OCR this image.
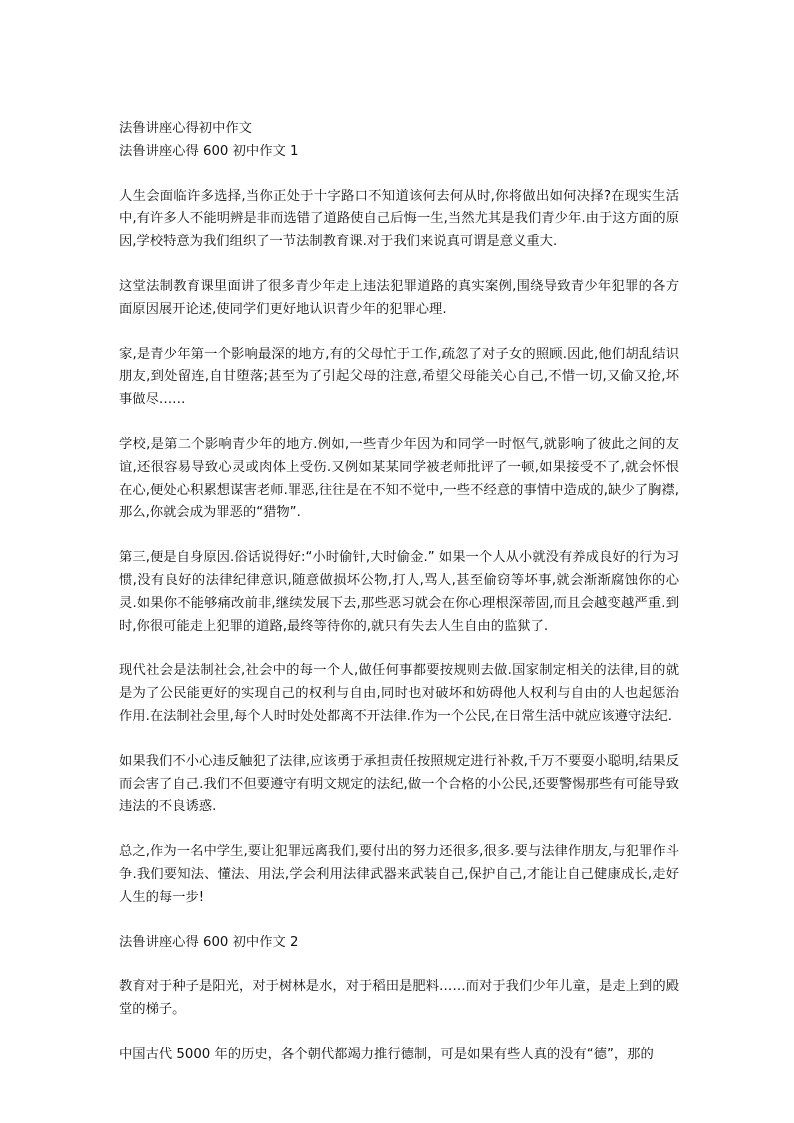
法鲁讲座心得初中作文

法鲁讲座心得 600 初中作文 1

人生会面临许多选择,当你正处于十字路口不知道该何去何从时,你将做出如何决择?在现实生活中,有许多人不能明辨是非而选错了道路使自己后悔一生,当然尤其是我们青少年.由于这方面的原因,学校特意为我们组织了一节法制教育课.对于我们来说真可谓是意义重大.

这堂法制教育课里面讲了很多青少年走上违法犯罪道路的真实案例,围绕导致青少年犯罪的各方面原因展开论述,使同学们更好地认识青少年的犯罪心理.

家,是青少年第一个影响最深的地方,有的父母忙于工作,疏忽了对子女的照顾.因此,他们胡乱结识朋友,到处留连,自甘堕落;甚至为了引起父母的注意,希望父母能关心自己,不惜一切,又偷又抢,坏事做尽……

学校,是第二个影响青少年的地方.例如,一些青少年因为和同学一时怄气,就影响了彼此之间的友谊,还很容易导致心灵或肉体上受伤.又例如某某同学被老师批评了一顿,如果接受不了,就会怀恨在心,便处心积累想谋害老师.罪恶,往往是在不知不觉中,一些不经意的事情中造成的,缺少了胸襟,那么,你就会成为罪恶的“猎物”.

第三,便是自身原因.俗话说得好:“小时偷针,大时偷金.” 如果一个人从小就没有养成良好的行为习惯,没有良好的法律纪律意识,随意做损坏公物,打人,骂人,甚至偷窃等坏事,就会渐渐腐蚀你的心灵.如果你不能够痛改前非,继续发展下去,那些恶习就会在你心理根深蒂固,而且会越变越严重.到时,你很可能走上犯罪的道路,最终等待你的,就只有失去人生自由的监狱了.

现代社会是法制社会,社会中的每一个人,做任何事都要按规则去做.国家制定相关的法律,目的就是为了公民能更好的实现自己的权利与自由,同时也对破坏和妨碍他人权利与自由的人也起惩治作用.在法制社会里,每个人时时处处都离不开法律.作为一个公民,在日常生活中就应该遵守法纪.

如果我们不小心违反触犯了法律,应该勇于承担责任按照规定进行补救,千万不要耍小聪明,结果反而会害了自己.我们不但要遵守有明文规定的法纪,做一个合格的小公民,还要警惕那些有可能导致违法的不良诱惑.

总之,作为一名中学生,要让犯罪远离我们,要付出的努力还很多,很多.要与法律作朋友,与犯罪作斗争.我们要知法、懂法、用法,学会利用法律武器来武装自己,保护自己,才能让自己健康成长,走好人生的每一步!

法鲁讲座心得 600 初中作文 2

教育对于种子是阳光，对于树林是水，对于稻田是肥料……而对于我们少年儿童，是走上到的殿堂的梯子。

中国古代 5000 年的历史，各个朝代都竭力推行德制，可是如果有些人真的没有“德”，那的
